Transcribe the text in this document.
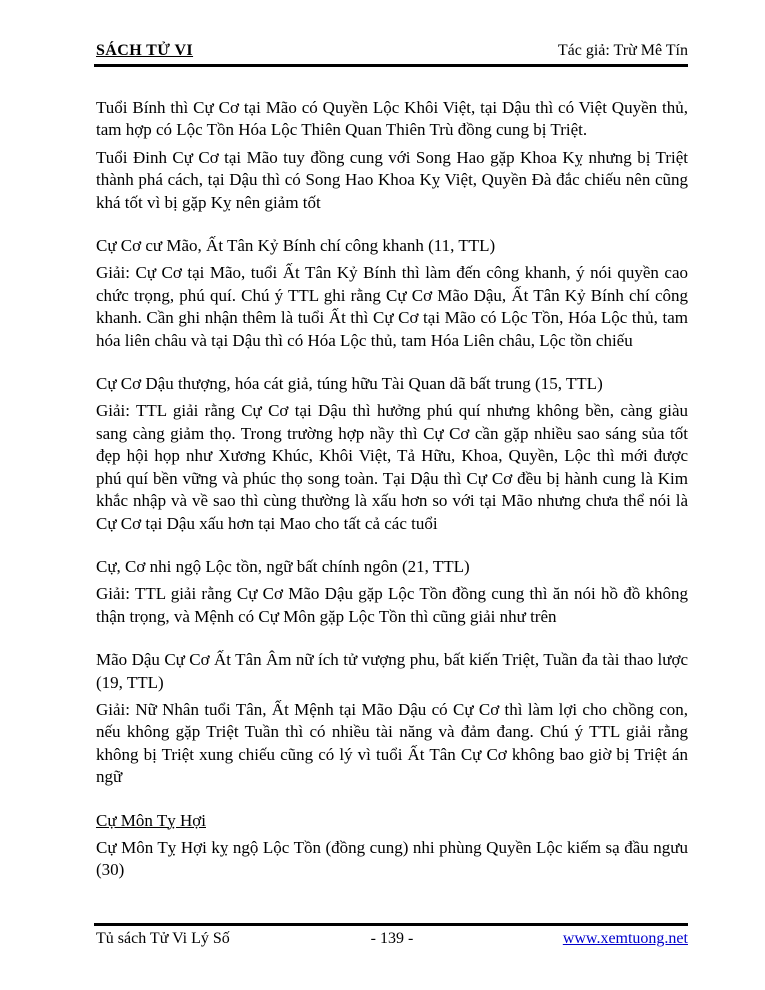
SÁCH TỬ VI	Tác giả: Trừ Mê Tín

Tuổi Bính thì Cự Cơ tại Mão có Quyền Lộc Khôi Việt, tại Dậu thì có Việt Quyền thủ, tam hợp có Lộc Tồn Hóa Lộc Thiên Quan Thiên Trù đồng cung bị Triệt.

Tuổi Đinh Cự Cơ tại Mão tuy đồng cung với Song Hao gặp Khoa Kỵ nhưng bị Triệt thành phá cách, tại Dậu thì có Song Hao Khoa Kỵ Việt, Quyền Đà đắc chiếu nên cũng khá tốt vì bị gặp Kỵ nên giảm tốt

Cự Cơ cư Mão, Ất Tân Kỷ Bính chí công khanh (11, TTL)

Giải: Cự Cơ tại Mão, tuổi Ất Tân Kỷ Bính thì làm đến công khanh, ý nói quyền cao chức trọng, phú quí. Chú ý TTL ghi rằng Cự Cơ Mão Dậu, Ất Tân Kỷ Bính chí công khanh. Cần ghi nhận thêm là tuổi Ất thì Cự Cơ tại Mão có Lộc Tồn, Hóa Lộc thủ, tam hóa liên châu và tại Dậu thì có Hóa Lộc thủ, tam Hóa Liên châu, Lộc tồn chiếu

Cự Cơ Dậu thượng, hóa cát giả, túng hữu Tài Quan dã bất trung (15, TTL)

Giải: TTL giải rằng Cự Cơ tại Dậu thì hưởng phú quí nhưng không bền, càng giàu sang càng giảm thọ. Trong trường hợp nầy thì Cự Cơ cần gặp nhiều sao sáng sủa tốt đẹp hội họp như Xương Khúc, Khôi Việt, Tả Hữu, Khoa, Quyền, Lộc thì mới được phú quí bền vững và phúc thọ song toàn. Tại Dậu thì Cự Cơ đều bị hành cung là Kim khắc nhập và về sao thì cùng thường là xấu hơn so với tại Mão nhưng chưa thể nói là Cự Cơ tại Dậu xấu hơn tại Mao cho tất cả các tuổi

Cự, Cơ nhi ngộ Lộc tồn, ngữ bất chính ngôn (21, TTL)

Giải: TTL giải rằng Cự Cơ Mão Dậu gặp Lộc Tồn đồng cung thì ăn nói hồ đồ không thận trọng, và Mệnh có Cự Môn gặp Lộc Tồn thì cũng giải như trên

Mão Dậu Cự Cơ Ất Tân Âm nữ ích tử vượng phu, bất kiến Triệt, Tuần đa tài thao lược (19, TTL)

Giải: Nữ Nhân tuổi Tân, Ất Mệnh tại Mão Dậu có Cự Cơ thì làm lợi cho chồng con, nếu không gặp Triệt Tuần thì có nhiều tài năng và đảm đang. Chú ý TTL giải rằng không bị Triệt xung chiếu cũng có lý vì tuổi Ất Tân Cự Cơ không bao giờ bị Triệt án ngữ

Cự Môn Tỵ Hợi

Cự Môn Tỵ Hợi kỵ ngộ Lộc Tồn (đồng cung) nhi phùng Quyền Lộc kiếm sạ đầu ngưu (30)

Tủ sách Tử Vi Lý Số	- 139 -	www.xemtuong.net
